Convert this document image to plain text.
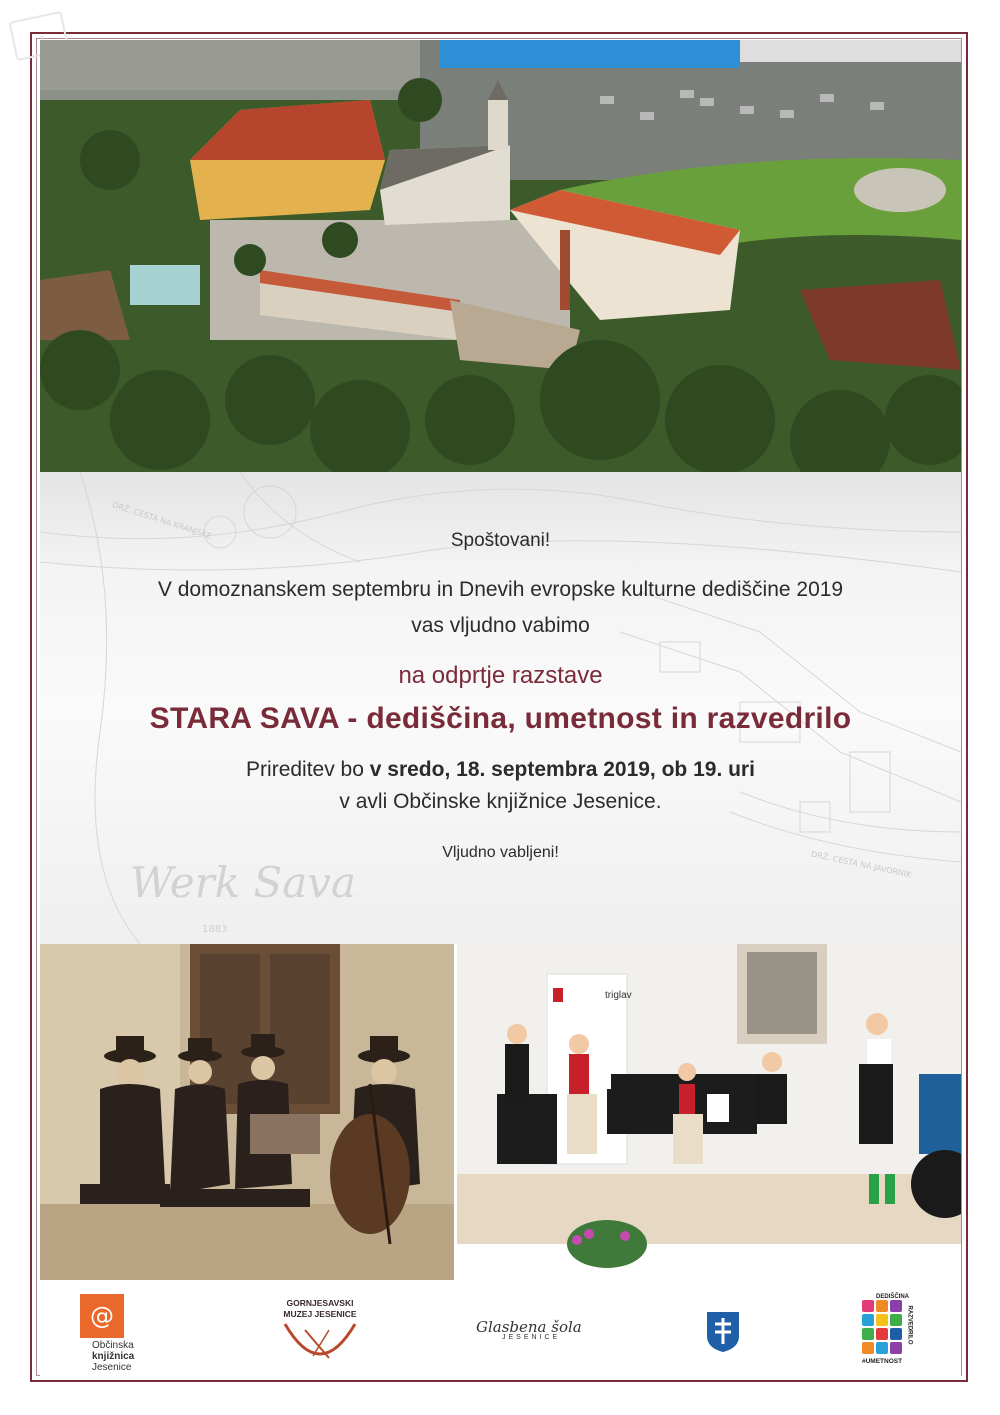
DRŽ. CESTA NA KRANJSKE
DRŽ. CESTA NA JAVORNIK
Werk Sava
1883
Spoštovani!
V domoznanskem septembru in Dnevih evropske kulturne dediščine 2019
vas vljudno vabimo
na odprtje razstave
STARA SAVA - dediščina, umetnost in razvedrilo
Prireditev bo v sredo, 18. septembra 2019, ob 19. uri
v avli Občinske knjižnice Jesenice.
Vljudno vabljeni!
triglav
@
Občinska
knjižnica
Jesenice
GORNJESAVSKI
MUZEJ JESENICE
Glasbena šola
JESENICE
DEDIŠČINA
RAZVEDRILO
#UMETNOST
